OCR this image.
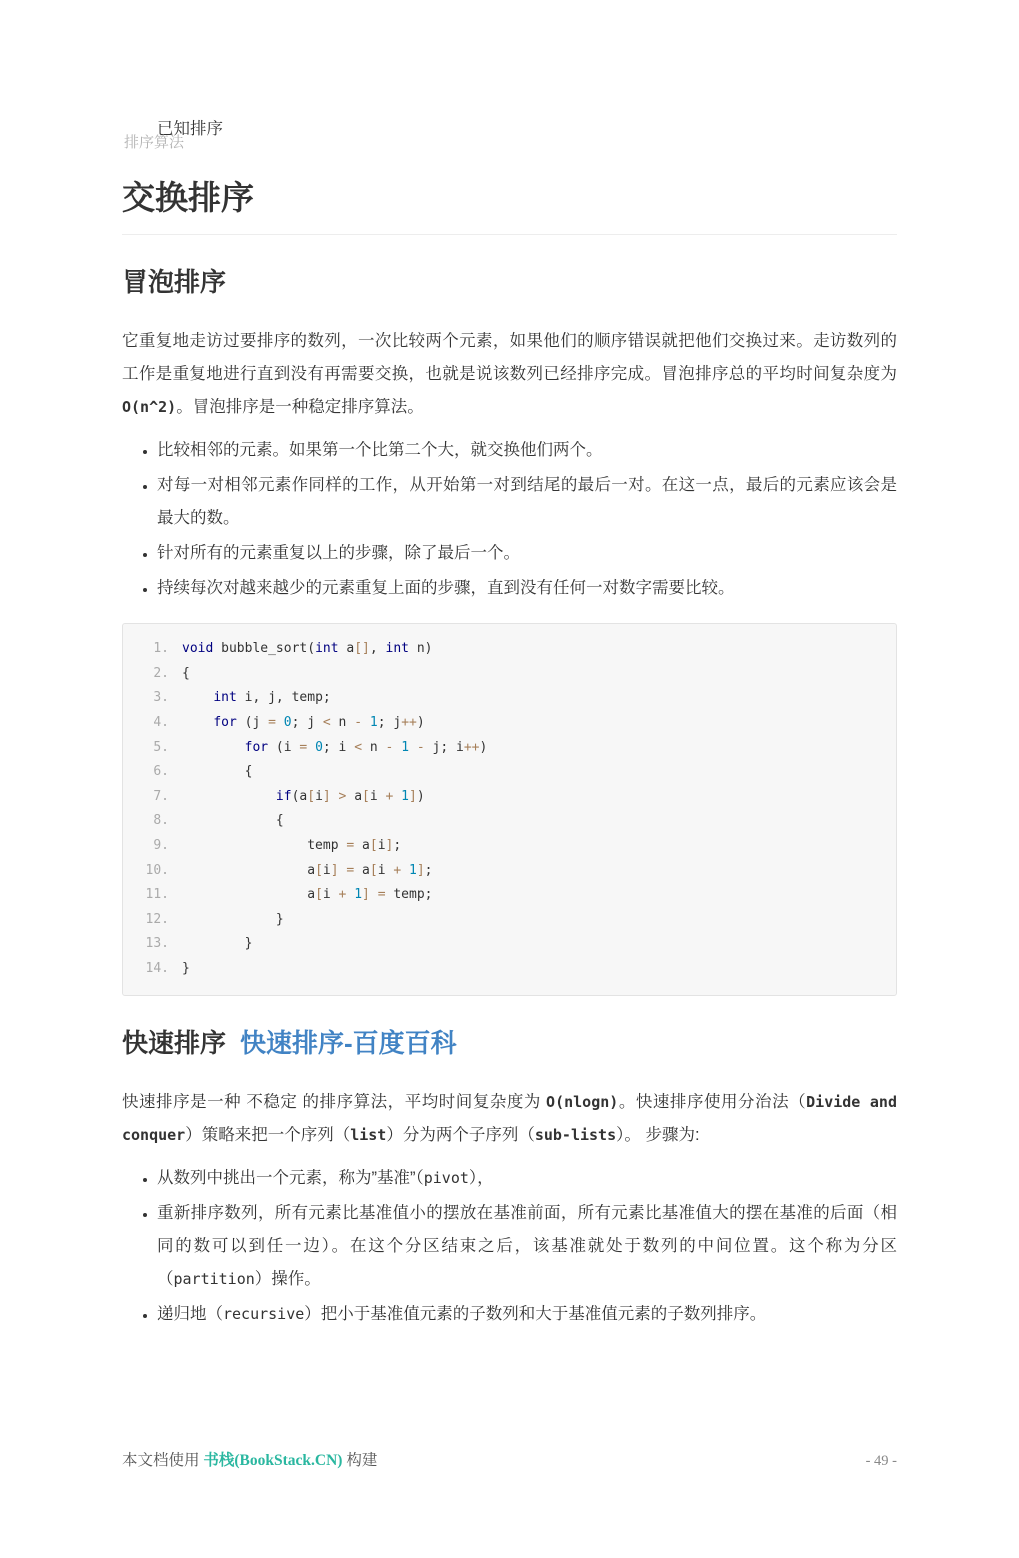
排序算法

已知排序

交换排序
冒泡排序

它重复地走访过要排序的数列，一次比较两个元素，如果他们的顺序错误就把他们交换过来。走访数列的工作是重复地进行直到没有再需要交换，也就是说该数列已经排序完成。冒泡排序总的平均时间复杂度为O(n^2)。冒泡排序是一种稳定排序算法。

• 比较相邻的元素。如果第一个比第二个大，就交换他们两个。
• 对每一对相邻元素作同样的工作，从开始第一对到结尾的最后一对。在这一点，最后的元素应该会是最大的数。
• 针对所有的元素重复以上的步骤，除了最后一个。
• 持续每次对越来越少的元素重复上面的步骤，直到没有任何一对数字需要比较。
1. void bubble_sort(int a[], int n)
2. {
3.	int i, j, temp;
4.	for (j = 0; j < n - 1; j++)
5.	for (i = 0; i < n - 1 - j; i++)
6. {
7.	if(a[i] > a[i + 1])
8. {
9. temp = a[i];
10. a[i] = a[i + 1];
11. a[i + 1] = temp;
12. }
13. }
14. }
快速排序 快速排序-百度百科

快速排序是一种 不稳定 的排序算法，平均时间复杂度为 O(nlogn)。快速排序使用分治法（Divide and conquer）策略来把一个序列（list）分为两个子序列（sub-lists）。 步骤为:

• 从数列中挑出一个元素，称为”基准”（pivot），
• 重新排序数列，所有元素比基准值小的摆放在基准前面，所有元素比基准值大的摆在基准的后面（相同的数可以到任一边）。在这个分区结束之后，该基准就处于数列的中间位置。这个称为分区（partition）操作。
• 递归地（recursive）把小于基准值元素的子数列和大于基准值元素的子数列排序。
本文档使用 书栈(BookStack.CN) 构建	- 49 -
